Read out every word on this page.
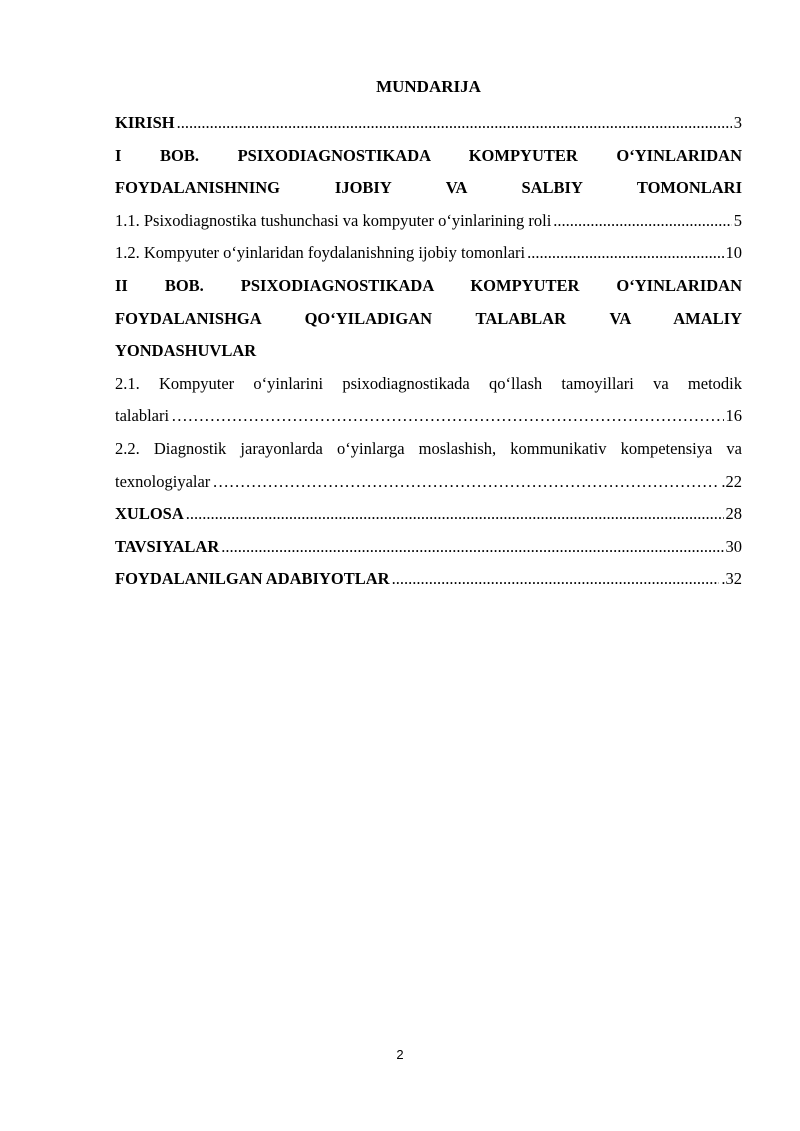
MUNDARIJA
KIRISH .....	3
I BOB. PSIXODIAGNOSTIKADA KOMPYUTER O‘YINLARIDAN
FOYDALANISHNING IJOBIY VA SALBIY TOMONLARI
1.1. Psixodiagnostika tushunchasi va kompyuter o‘yinlarining roli .....	5
1.2. Kompyuter o‘yinlaridan foydalanishning ijobiy tomonlari .....	10
II BOB. PSIXODIAGNOSTIKADA KOMPYUTER O‘YINLARIDAN
FOYDALANISHGA QO‘YILADIGAN TALABLAR VA AMALIY
YONDASHUVLAR
2.1. Kompyuter o‘yinlarini psixodiagnostikada qo‘llash tamoyillari va metodik
talablari ………………………………………………………………………………………………………………………………………………………………………………………	16
2.2. Diagnostik jarayonlarda o‘yinlarga moslashish, kommunikativ kompetensiya va
texnologiyalar ………………………………………………………………………………………………………………………………………………………………………………………	.22
XULOSA .....	28
TAVSIYALAR .....	30
FOYDALANILGAN ADABIYOTLAR .....	.32
2
